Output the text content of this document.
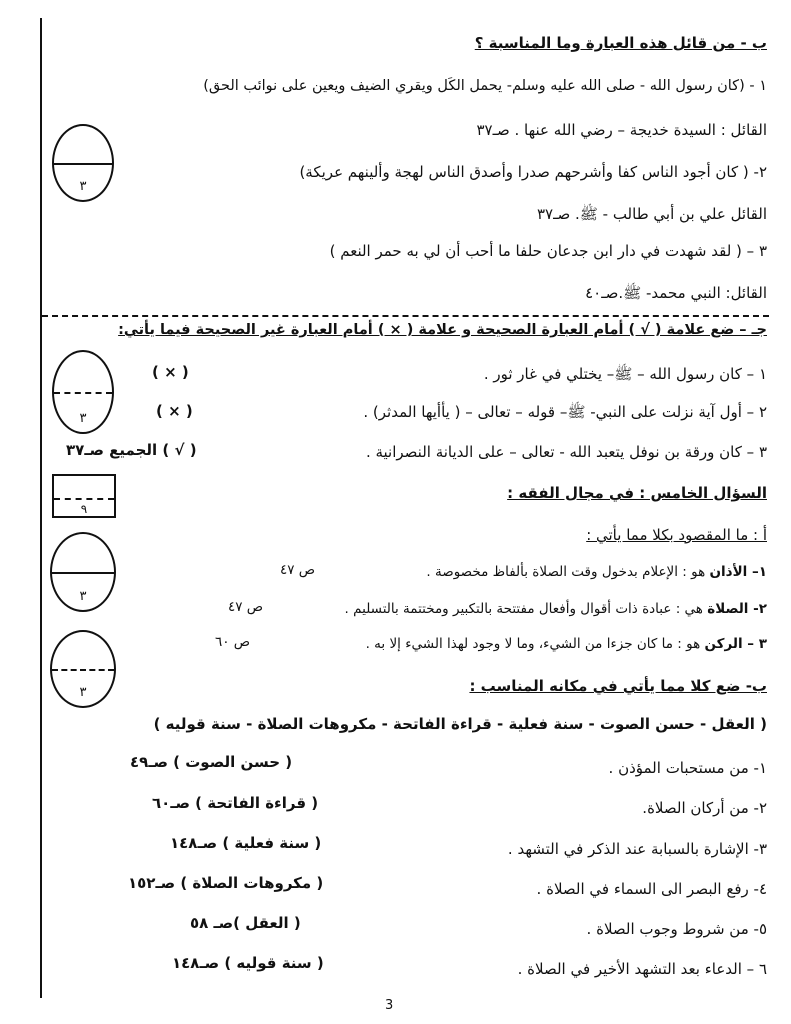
ب - من قائل هذه العبارة وما المناسبة ؟
١ - (كان رسول الله - صلى الله عليه وسلم- يحمل الكَل ويقري الضيف ويعين على نوائب الحق)
القائل : السيدة خديجة – رضي الله عنها . صـ٣٧
٢- ( كان أجود الناس كفا وأشرحهم صدرا وأصدق الناس لهجة وألينهم عريكة)
القائل علي بن أبي طالب - ﷺ. صـ٣٧
٣ – ( لقد شهدت في دار ابن جدعان حلفا ما أحب أن لي به حمر النعم )
القائل: النبي محمد- ﷺ.صـ٤٠
٣
جـ – ضع علامة ( √ ) أمام العبارة الصحيحة و علامة ( × ) أمام العبارة غير الصحيحة فيما يأتي:
١ – كان رسول الله – ﷺ– يختلي في غار ثور .
( × )
٢ – أول آية نزلت على النبي- ﷺ– قوله – تعالى – ( يأأيها المدثر) .
( × )
٣ – كان ورقة بن نوفل يتعبد الله - تعالى – على الديانة النصرانية .
( √ ) الجميع صـ٣٧
٣
٩
السؤال الخامس : في مجال الفقه :
أ : ما المقصود بكلا مما يأتي :
١– الأذان هو : الإعلام بدخول وقت الصلاة بألفاظ مخصوصة .
ص ٤٧
٢- الصلاة هي : عبادة ذات أقوال وأفعال مفتتحة بالتكبير ومختتمة بالتسليم .
ص ٤٧
٣ – الركن هو : ما كان جزءا من الشيء، وما لا وجود لهذا الشيء إلا به .
ص ٦٠
٣
٣	ب- ضع كلا مما يأتي في مكانه المناسب :
( العقل - حسن الصوت - سنة فعلية - قراءة الفاتحة - مكروهات الصلاة - سنة قوليه )
١- من مستحبات المؤذن .
( حسن الصوت ) صـ٤٩
٢- من أركان الصلاة.
( قراءة الفاتحة ) صـ٦٠
٣- الإشارة بالسبابة عند الذكر في التشهد .
( سنة فعلية ) صـ١٤٨
٤- رفع البصر الى السماء في الصلاة .
( مكروهات الصلاة ) صـ١٥٢
٥- من شروط وجوب الصلاة .
( العقل )صـ ٥٨
٦ – الدعاء بعد التشهد الأخير في الصلاة .
( سنة قوليه ) صـ١٤٨
3
